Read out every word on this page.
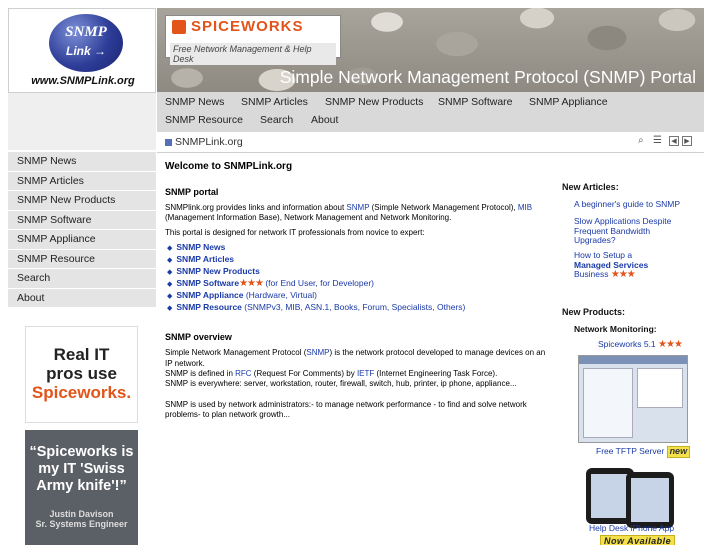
SNMP
Link →
www.SNMPLink.org
SNMP News
SNMP Articles
SNMP New Products
SNMP Software
SNMP Appliance
SNMP Resource
Search
About
Real IT
pros use
Spiceworks.
“Spiceworks is my IT 'Swiss Army knife'!”
Justin Davison
Sr. Systems Engineer
SPICEWORKS
Free Network Management & Help Desk
Simple Network Management Protocol (SNMP) Portal
SNMP News SNMP Articles SNMP New Products SNMP Software SNMP Appliance
SNMP Resource Search About
SNMPLink.org	⌕ ☰	◀	▶
Welcome to SNMPLink.org
SNMP portal
SNMPlink.org provides links and information about SNMP (Simple Network Management Protocol), MIB (Management Information Base), Network Management and Network Monitoring.
This portal is designed for network IT professionals from novice to expert:
◆ SNMP News
◆ SNMP Articles
◆ SNMP New Products
◆ SNMP Software★★★ (for End User, for Developer)
◆ SNMP Appliance (Hardware, Virtual)
◆ SNMP Resource (SNMPv3, MIB, ASN.1, Books, Forum, Specialists, Others)
SNMP overview
Simple Network Management Protocol (SNMP) is the network protocol developed to manage devices on an IP network.
SNMP is defined in RFC (Request For Comments) by IETF (Internet Engineering Task Force).
SNMP is everywhere: server, workstation, router, firewall, switch, hub, printer, ip phone, appliance...
SNMP is used by network administrators:- to manage network performance - to find and solve network problems- to plan network growth...
New Articles:
A beginner's guide to SNMP
Slow Applications Despite Frequent Bandwidth Upgrades?
How to Setup a
Managed Services
Business ★★★
New Products:
Network Monitoring:
Spiceworks 5.1 ★★★
Free TFTP Server new
Help Desk iPhone App
Now Available
